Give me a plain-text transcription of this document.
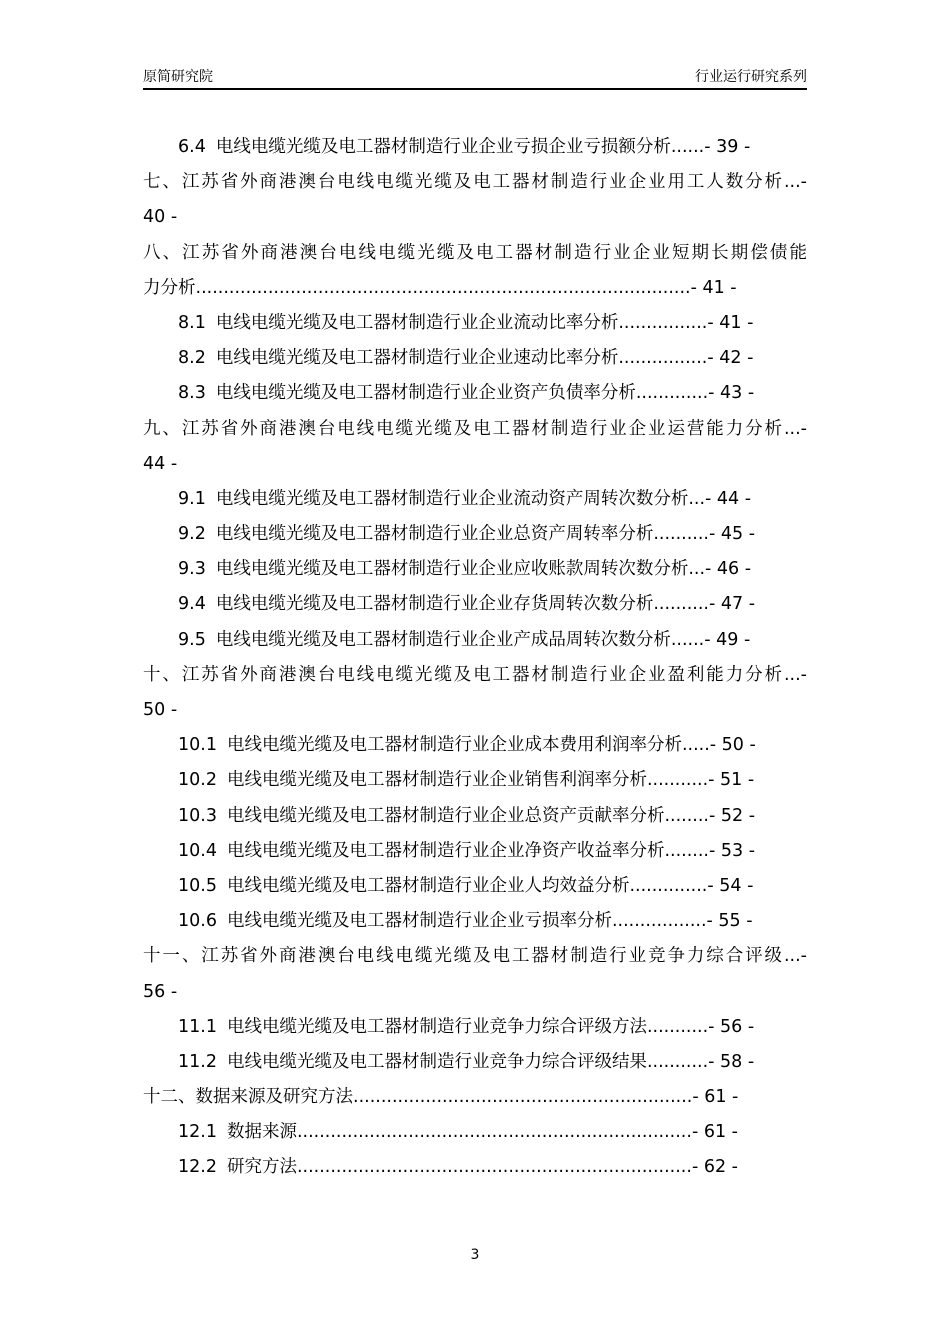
原简研究院	行业运行研究系列
6.4 电线电缆光缆及电工器材制造行业企业亏损企业亏损额分析......- 39 -
七、江苏省外商港澳台电线电缆光缆及电工器材制造行业企业用工人数分析...-
40 -
八、江苏省外商港澳台电线电缆光缆及电工器材制造行业企业短期长期偿债能
力分析.........................................................................................- 41 -
8.1 电线电缆光缆及电工器材制造行业企业流动比率分析................- 41 -
8.2 电线电缆光缆及电工器材制造行业企业速动比率分析................- 42 -
8.3 电线电缆光缆及电工器材制造行业企业资产负债率分析.............- 43 -
九、江苏省外商港澳台电线电缆光缆及电工器材制造行业企业运营能力分析...-
44 -
9.1 电线电缆光缆及电工器材制造行业企业流动资产周转次数分析...- 44 -
9.2 电线电缆光缆及电工器材制造行业企业总资产周转率分析..........- 45 -
9.3 电线电缆光缆及电工器材制造行业企业应收账款周转次数分析...- 46 -
9.4 电线电缆光缆及电工器材制造行业企业存货周转次数分析..........- 47 -
9.5 电线电缆光缆及电工器材制造行业企业产成品周转次数分析......- 49 -
十、江苏省外商港澳台电线电缆光缆及电工器材制造行业企业盈利能力分析...-
50 -
10.1 电线电缆光缆及电工器材制造行业企业成本费用利润率分析.....- 50 -
10.2 电线电缆光缆及电工器材制造行业企业销售利润率分析...........- 51 -
10.3 电线电缆光缆及电工器材制造行业企业总资产贡献率分析........- 52 -
10.4 电线电缆光缆及电工器材制造行业企业净资产收益率分析........- 53 -
10.5 电线电缆光缆及电工器材制造行业企业人均效益分析..............- 54 -
10.6 电线电缆光缆及电工器材制造行业企业亏损率分析.................- 55 -
十一、江苏省外商港澳台电线电缆光缆及电工器材制造行业竞争力综合评级...-
56 -
11.1 电线电缆光缆及电工器材制造行业竞争力综合评级方法...........- 56 -
11.2 电线电缆光缆及电工器材制造行业竞争力综合评级结果...........- 58 -
十二、数据来源及研究方法.............................................................- 61 -
12.1 数据来源.......................................................................- 61 -
12.2 研究方法.......................................................................- 62 -
3
